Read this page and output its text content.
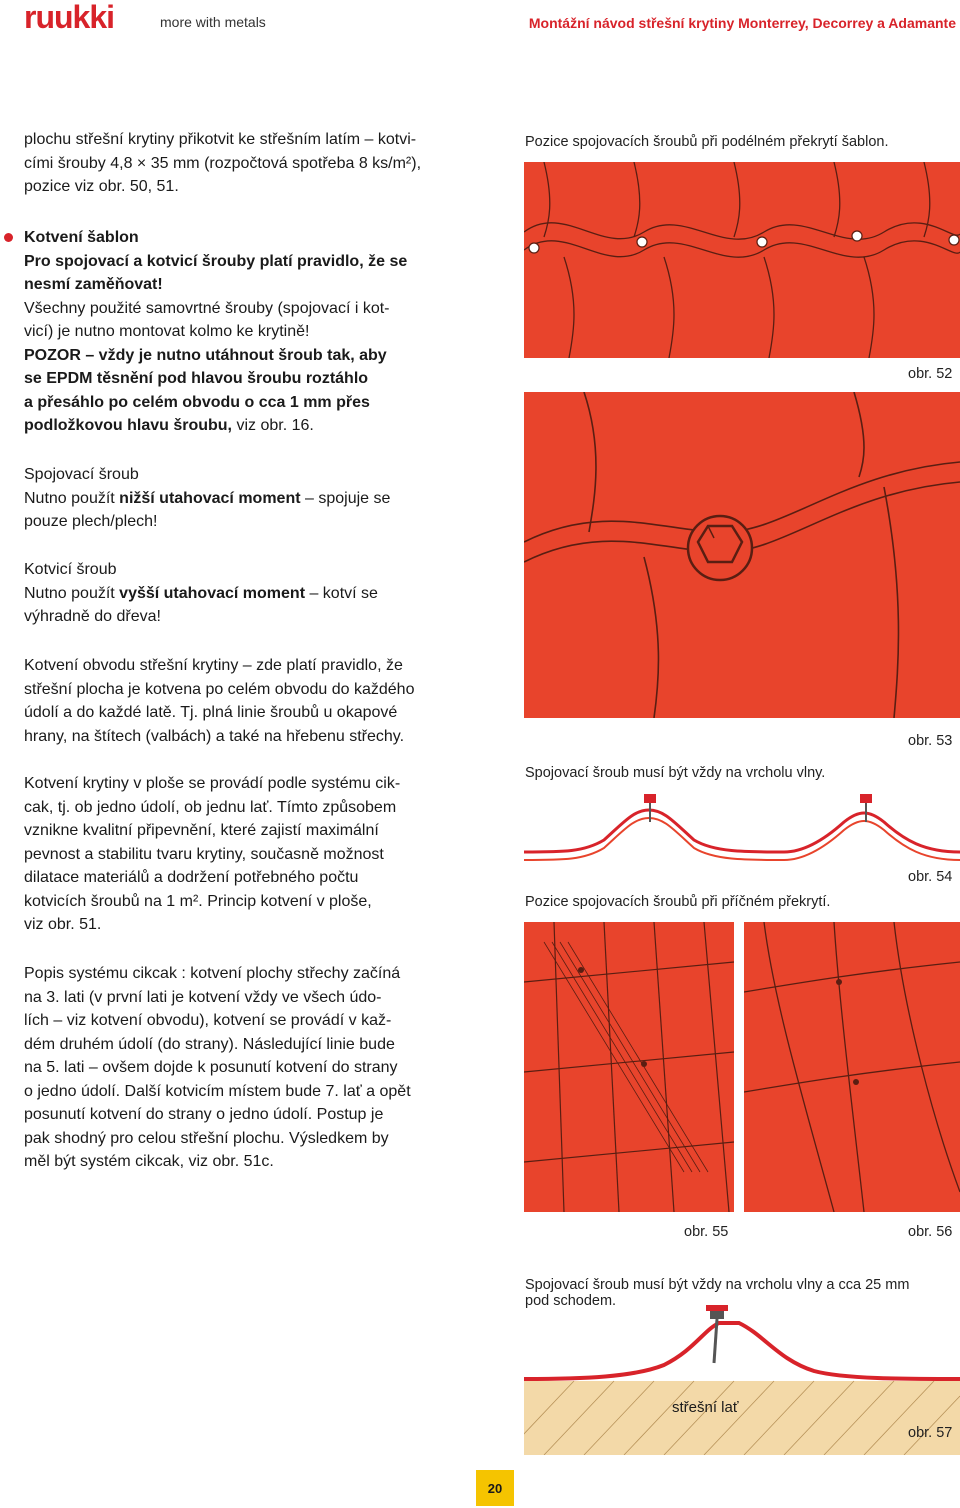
ruukki	more with metals	Montážní návod střešní krytiny Monterrey, Decorrey a Adamante

plochu střešní krytiny přikotvit ke střešním latím – kotvi-

cími šrouby 4,8 × 35 mm (rozpočtová spotřeba 8 ks/m²),

pozice viz obr. 50, 51.

Kotvení šablon

Pro spojovací a kotvicí šrouby platí pravidlo, že se

nesmí zaměňovat!

Všechny použité samovrtné šrouby (spojovací i kot-

vicí) je nutno montovat kolmo ke krytině!

POZOR – vždy je nutno utáhnout šroub tak, aby

se EPDM těsnění pod hlavou šroubu roztáhlo

a přesáhlo po celém obvodu o cca 1 mm přes

podložkovou hlavu šroubu, viz obr. 16.

Spojovací šroub

Nutno použít nižší utahovací moment – spojuje se

pouze plech/plech!

Kotvicí šroub

Nutno použít vyšší utahovací moment – kotví se

výhradně do dřeva!

Kotvení obvodu střešní krytiny – zde platí pravidlo, že

střešní plocha je kotvena po celém obvodu do každého

údolí a do každé latě. Tj. plná linie šroubů u okapové

hrany, na štítech (valbách) a také na hřebenu střechy.

Kotvení krytiny v ploše se provádí podle systému cik-

cak, tj. ob jedno údolí, ob jednu lať. Tímto způsobem

vznikne kvalitní připevnění, které zajistí maximální

pevnost a stabilitu tvaru krytiny, současně možnost

dilatace materiálů a dodržení potřebného počtu

kotvicích šroubů na 1 m². Princip kotvení v ploše,

viz obr. 51.

Popis systému cikcak : kotvení plochy střechy začíná

na 3. lati (v první lati je kotvení vždy ve všech údo-

lích – viz kotvení obvodu), kotvení se provádí v kaž-

dém druhém údolí (do strany). Následující linie bude

na 5. lati – ovšem dojde k posunutí kotvení do strany

o jedno údolí. Další kotvicím místem bude 7. lať a opět

posunutí kotvení do strany o jedno údolí. Postup je

pak shodný pro celou střešní plochu. Výsledkem by

měl být systém cikcak, viz obr. 51c.

Pozice spojovacích šroubů při podélném překrytí šablon.
obr. 52
obr. 53
Spojovací šroub musí být vždy na vrcholu vlny.
obr. 54
Pozice spojovacích šroubů při příčném překrytí.
obr. 55	obr. 56
Spojovací šroub musí být vždy na vrcholu vlny a cca 25 mm
pod schodem.
střešní lať
obr. 57
20
